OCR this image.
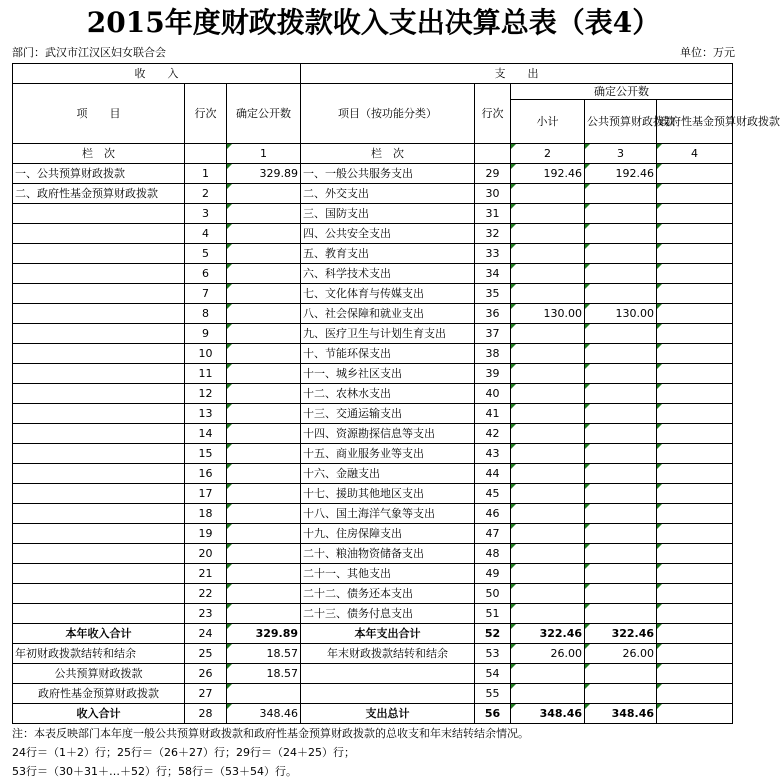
2015年度财政拨款收入支出决算总表（表4）
部门：武汉市江汉区妇女联合会	单位：万元
收　　入			支　　出				
项　　目	行次	确定公开数	项目（按功能分类）	行次	确定公开数		
					小计	公共预算财政拨款	政府性基金预算财政拨款

栏　次		1	栏　次		2	3	4
一、公共预算财政拨款	1	329.89	一、一般公共服务支出	29	192.46	192.46	
二、政府性基金预算财政拨款	2		二、外交支出	30			
	3		三、国防支出	31			
	4		四、公共安全支出	32			
	5		五、教育支出	33			
	6		六、科学技术支出	34			
	7		七、文化体育与传媒支出	35			
	8		八、社会保障和就业支出	36	130.00	130.00	
	9		九、医疗卫生与计划生育支出	37			
	10		十、节能环保支出	38			
	11		十一、城乡社区支出	39			
	12		十二、农林水支出	40			
	13		十三、交通运输支出	41			
	14		十四、资源勘探信息等支出	42			
	15		十五、商业服务业等支出	43			
	16		十六、金融支出	44			
	17		十七、援助其他地区支出	45			
	18		十八、国土海洋气象等支出	46			
	19		十九、住房保障支出	47			
	20		二十、粮油物资储备支出	48			
	21		二十一、其他支出	49			
	22		二十二、债务还本支出	50			
	23		二十三、债务付息支出	51			
本年收入合计	24	329.89	本年支出合计	52	322.46	322.46	
年初财政拨款结转和结余	25	18.57	年末财政拨款结转和结余	53	26.00	26.00	
公共预算财政拨款	26	18.57		54			
政府性基金预算财政拨款	27			55			
收入合计	28	348.46	支出总计	56	348.46	348.46	
注：本表反映部门本年度一般公共预算财政拨款和政府性基金预算财政拨款的总收支和年末结转结余情况。
24行＝（1＋2）行；25行＝（26＋27）行；29行＝（24＋25）行；
53行＝（30＋31＋…＋52）行；58行＝（53＋54）行。
